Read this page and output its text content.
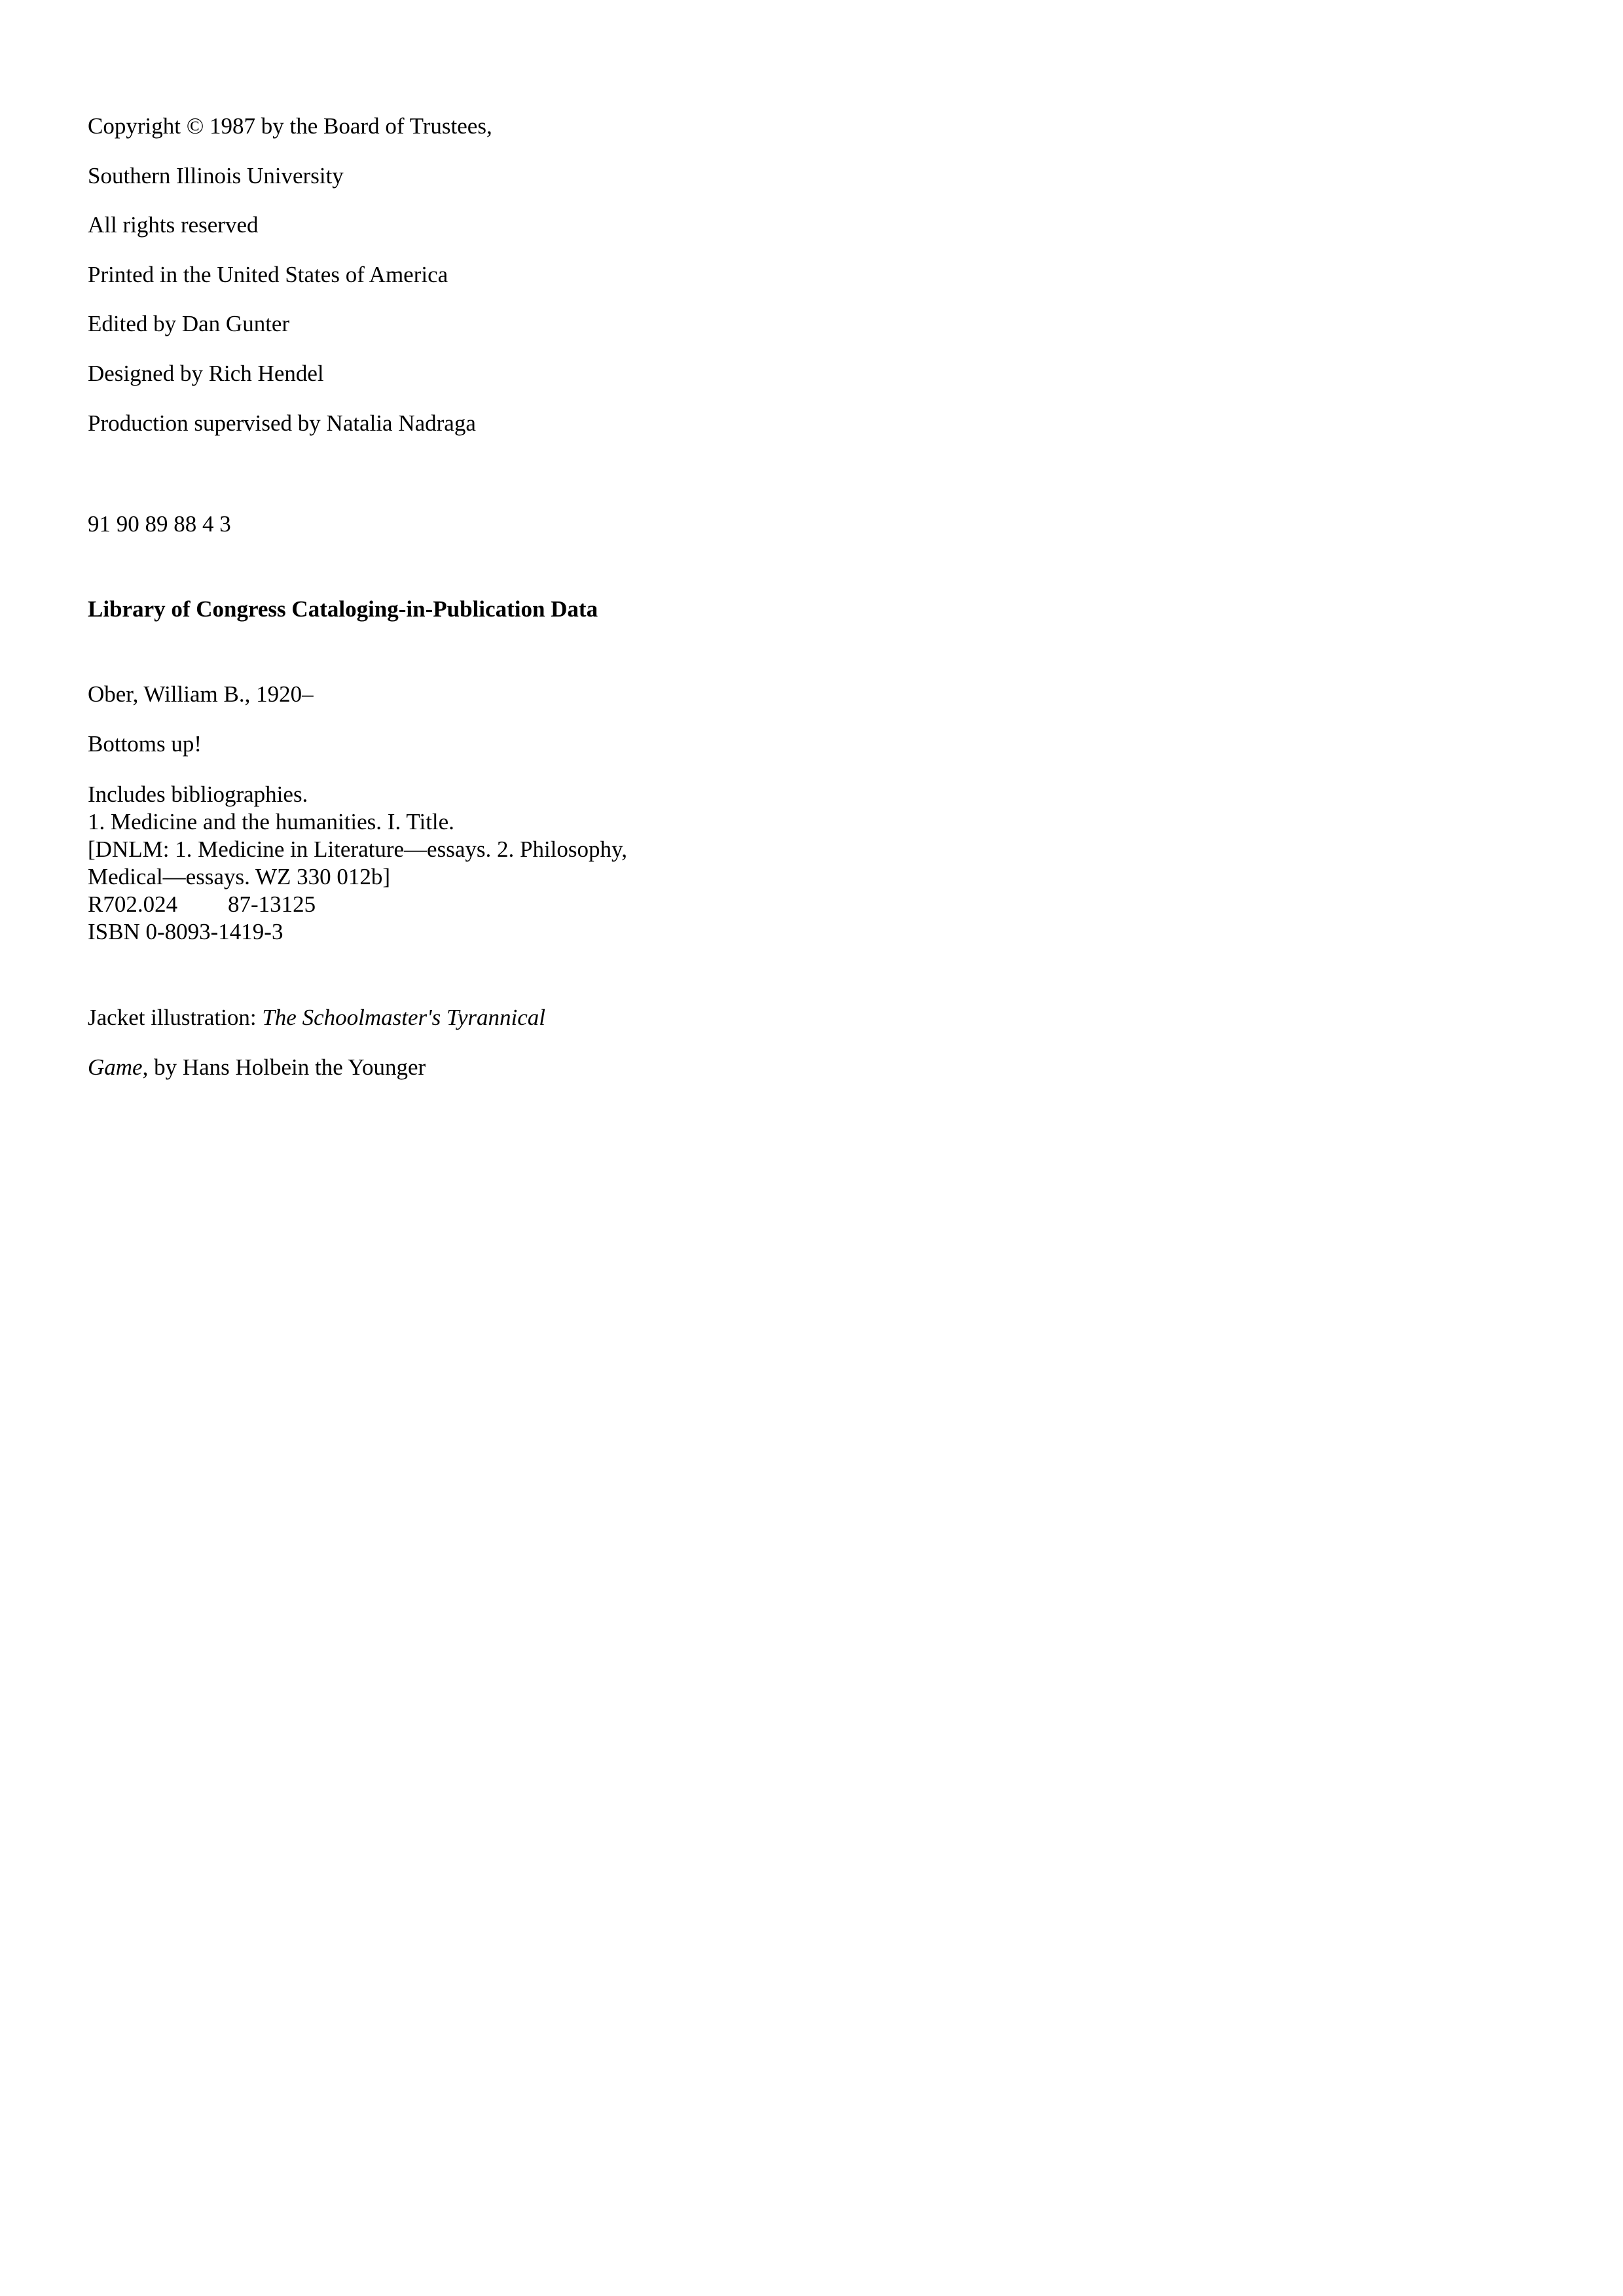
Copyright © 1987 by the Board of Trustees,
Southern Illinois University
All rights reserved
Printed in the United States of America
Edited by Dan Gunter
Designed by Rich Hendel
Production supervised by Natalia Nadraga
91 90 89 88 4 3
Library of Congress Cataloging-in-Publication Data
Ober, William B., 1920–
Bottoms up!
Includes bibliographies.
1. Medicine and the humanities. I. Title.
[DNLM: 1. Medicine in Literature—essays. 2. Philosophy,
Medical—essays. WZ 330 012b]
R702.024 87-13125
ISBN 0-8093-1419-3
Jacket illustration: The Schoolmaster's Tyrannical
Game, by Hans Holbein the Younger
